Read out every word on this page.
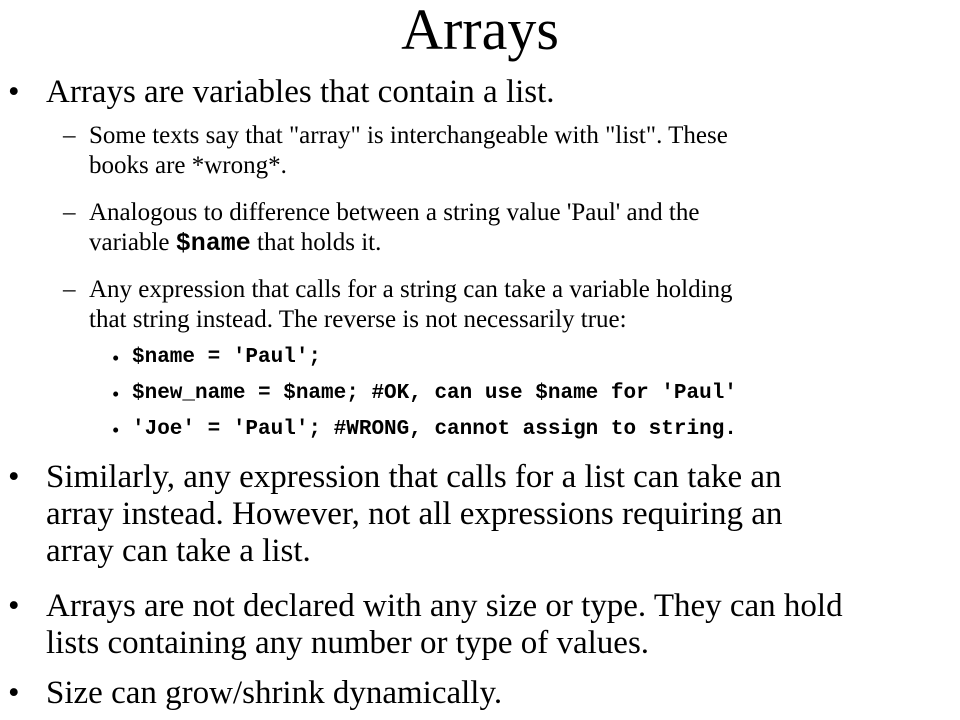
Arrays
• Arrays are variables that contain a list.
– Some texts say that "array" is interchangeable with "list". These
books are *wrong*.
– Analogous to difference between a string value 'Paul' and the
variable $name that holds it.
– Any expression that calls for a string can take a variable holding
that string instead. The reverse is not necessarily true:
• $name = 'Paul';
• $new_name = $name; #OK, can use $name for 'Paul'
• 'Joe' = 'Paul'; #WRONG, cannot assign to string.
• Similarly, any expression that calls for a list can take an
array instead. However, not all expressions requiring an
array can take a list.
• Arrays are not declared with any size or type. They can hold
lists containing any number or type of values.
• Size can grow/shrink dynamically.
